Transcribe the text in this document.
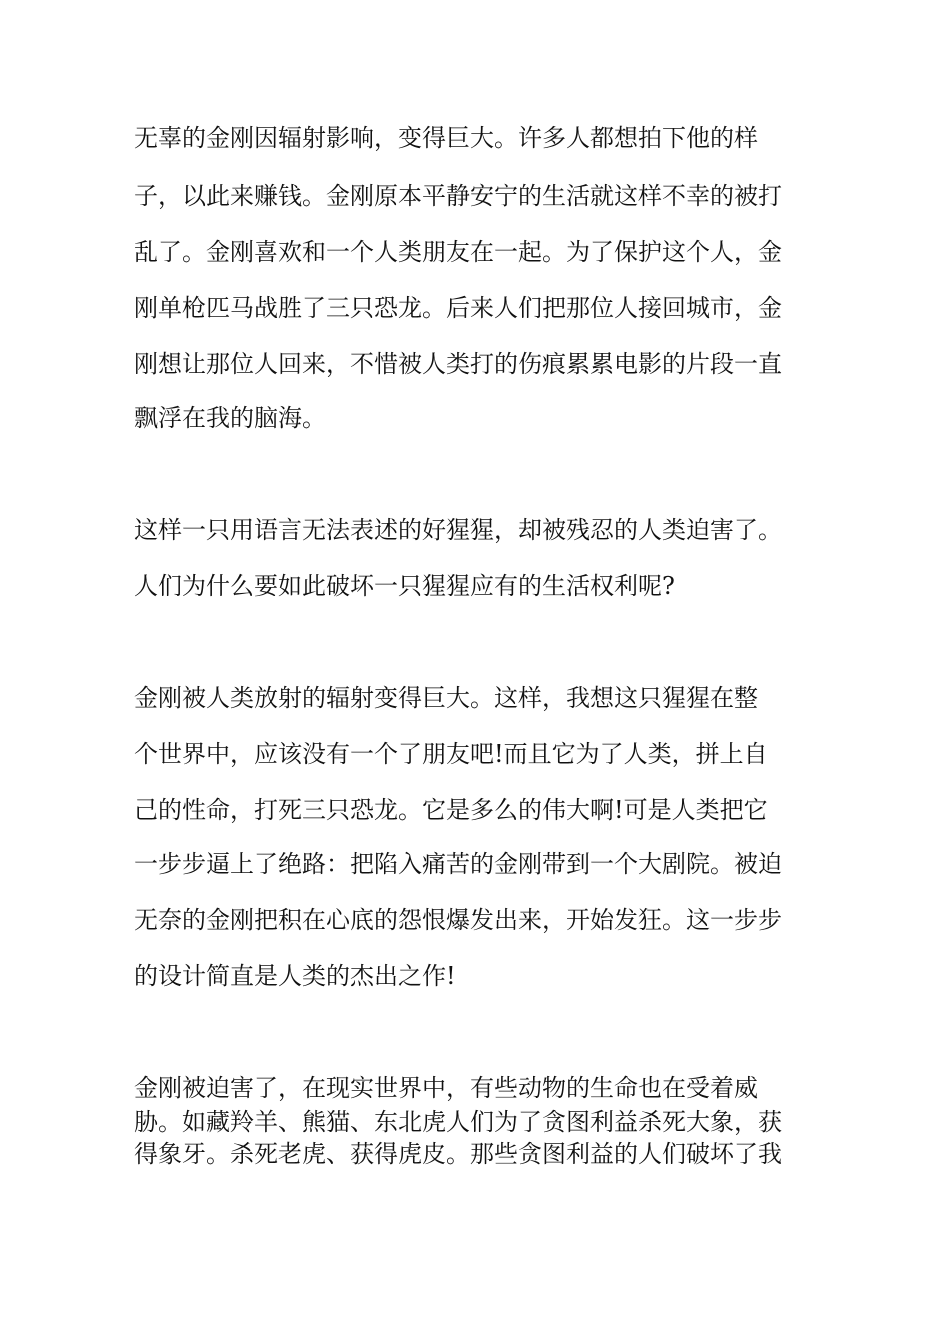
无辜的金刚因辐射影响，变得巨大。许多人都想拍下他的样
子，以此来赚钱。金刚原本平静安宁的生活就这样不幸的被打
乱了。金刚喜欢和一个人类朋友在一起。为了保护这个人，金
刚单枪匹马战胜了三只恐龙。后来人们把那位人接回城市，金
刚想让那位人回来，不惜被人类打的伤痕累累电影的片段一直
飘浮在我的脑海。
这样一只用语言无法表述的好猩猩，却被残忍的人类迫害了。
人们为什么要如此破坏一只猩猩应有的生活权利呢?
金刚被人类放射的辐射变得巨大。这样，我想这只猩猩在整
个世界中，应该没有一个了朋友吧!而且它为了人类，拼上自
己的性命，打死三只恐龙。它是多么的伟大啊!可是人类把它
一步步逼上了绝路：把陷入痛苦的金刚带到一个大剧院。被迫
无奈的金刚把积在心底的怨恨爆发出来，开始发狂。这一步步
的设计简直是人类的杰出之作!
金刚被迫害了，在现实世界中，有些动物的生命也在受着威
胁。如藏羚羊、熊猫、东北虎人们为了贪图利益杀死大象，获
得象牙。杀死老虎、获得虎皮。那些贪图利益的人们破坏了我
